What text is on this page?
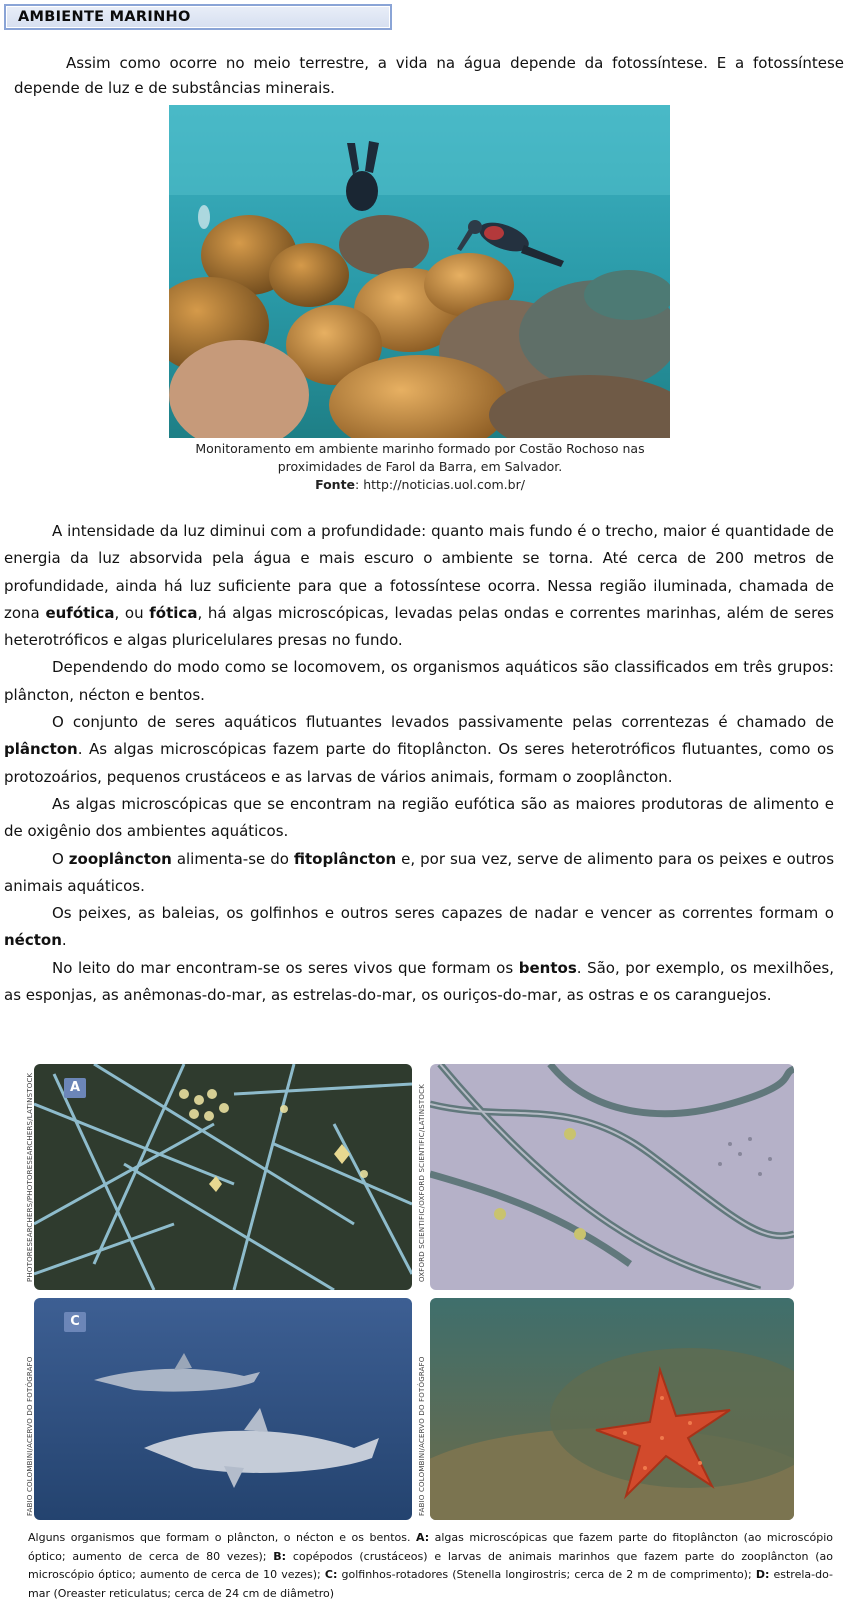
AMBIENTE MARINHO
Assim como ocorre no meio terrestre, a vida na água depende da fotossíntese. E a fotossíntese depende de luz e de substâncias minerais.
Monitoramento em ambiente marinho formado por Costão Rochoso nas
proximidades de Farol da Barra, em Salvador.
Fonte: http://noticias.uol.com.br/

A intensidade da luz diminui com a profundidade: quanto mais fundo é o trecho, maior é quantidade de energia da luz absorvida pela água e mais escuro o ambiente se torna. Até cerca de 200 metros de profundidade, ainda há luz suficiente para que a fotossíntese ocorra. Nessa região iluminada, chamada de zona eufótica, ou fótica, há algas microscópicas, levadas pelas ondas e correntes marinhas, além de seres heterotróficos e algas pluricelulares presas no fundo.

Dependendo do modo como se locomovem, os organismos aquáticos são classificados em três grupos: plâncton, nécton e bentos.

O conjunto de seres aquáticos flutuantes levados passivamente pelas correntezas é chamado de plâncton. As algas microscópicas fazem parte do fitoplâncton. Os seres heterotróficos flutuantes, como os protozoários, pequenos crustáceos e as larvas de vários animais, formam o zooplâncton.

As algas microscópicas que se encontram na região eufótica são as maiores produtoras de alimento e de oxigênio dos ambientes aquáticos.

O zooplâncton alimenta-se do fitoplâncton e, por sua vez, serve de alimento para os peixes e outros animais aquáticos.

Os peixes, as baleias, os golfinhos e outros seres capazes de nadar e vencer as correntes formam o nécton.

No leito do mar encontram-se os seres vivos que formam os bentos. São, por exemplo, os mexilhões, as esponjas, as anêmonas-do-mar, as estrelas-do-mar, os ouriços-do-mar, as ostras e os caranguejos.

A
PHOTORESEARCHERS/PHOTORESEARCHERS/LATINSTOCK	OXFORD SCIENTIFIC/OXFORD SCIENTIFIC/LATINSTOCK
C
FABIO COLOMBINI/ACERVO DO FOTÓGRAFO	FABIO COLOMBINI/ACERVO DO FOTÓGRAFO
Alguns organismos que formam o plâncton, o nécton e os bentos. A: algas microscópicas que fazem parte do fitoplâncton (ao microscópio óptico; aumento de cerca de 80 vezes); B: copépodos (crustáceos) e larvas de animais marinhos que fazem parte do zooplâncton (ao microscópio óptico; aumento de cerca de 10 vezes); C: golfinhos-rotadores (Stenella longirostris; cerca de 2 m de comprimento); D: estrela-do-mar (Oreaster reticulatus; cerca de 24 cm de diâmetro)
